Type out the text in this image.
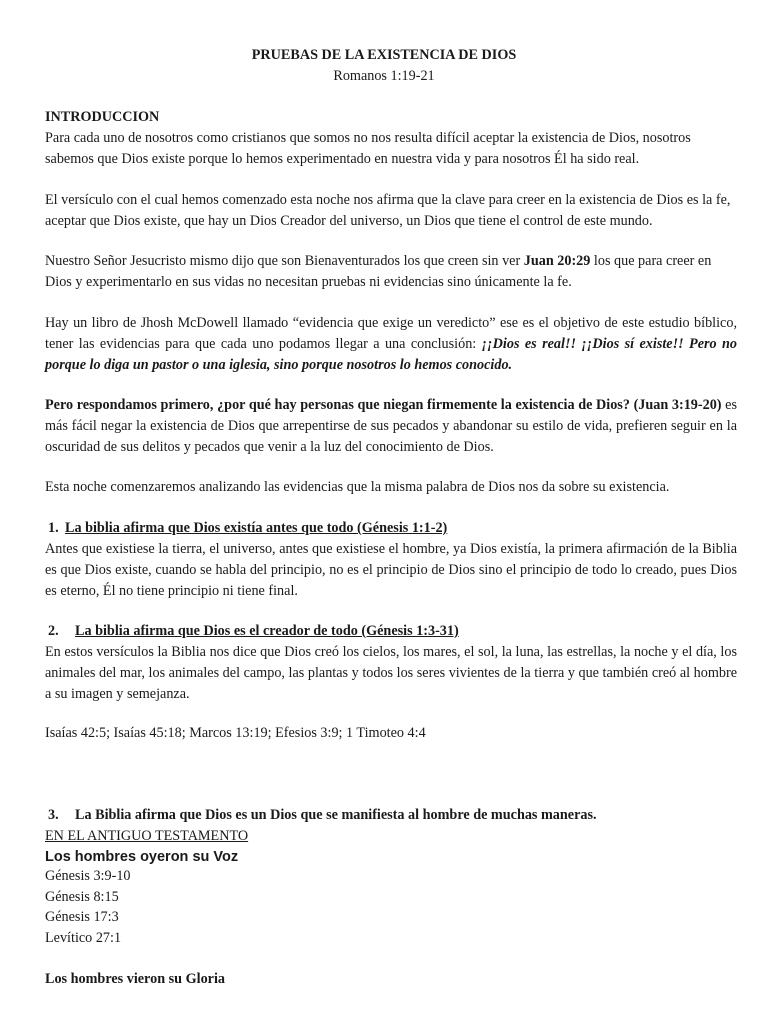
PRUEBAS DE LA EXISTENCIA DE DIOS
Romanos 1:19-21
INTRODUCCION

Para cada uno de nosotros como cristianos que somos no nos resulta difícil aceptar la existencia de Dios, nosotros sabemos que Dios existe porque lo hemos experimentado en nuestra vida y para nosotros Él ha sido real.

El versículo con el cual hemos comenzado esta noche nos afirma que la clave para creer en la existencia de Dios es la fe, aceptar que Dios existe, que hay un Dios Creador del universo, un Dios que tiene el control de este mundo.

Nuestro Señor Jesucristo mismo dijo que son Bienaventurados los que creen sin ver Juan 20:29 los que para creer en Dios y experimentarlo en sus vidas no necesitan pruebas ni evidencias sino únicamente la fe.

Hay un libro de Jhosh McDowell llamado “evidencia que exige un veredicto” ese es el objetivo de este estudio bíblico, tener las evidencias para que cada uno podamos llegar a una conclusión: ¡¡Dios es real!! ¡¡Dios sí existe!! Pero no porque lo diga un pastor o una iglesia, sino porque nosotros lo hemos conocido.

Pero respondamos primero, ¿por qué hay personas que niegan firmemente la existencia de Dios? (Juan 3:19-20) es más fácil negar la existencia de Dios que arrepentirse de sus pecados y abandonar su estilo de vida, prefieren seguir en la oscuridad de sus delitos y pecados que venir a la luz del conocimiento de Dios.

Esta noche comenzaremos analizando las evidencias que la misma palabra de Dios nos da sobre su existencia.

1. La biblia afirma que Dios existía antes que todo (Génesis 1:1-2)

Antes que existiese la tierra, el universo, antes que existiese el hombre, ya Dios existía, la primera afirmación de la Biblia es que Dios existe, cuando se habla del principio, no es el principio de Dios sino el principio de todo lo creado, pues Dios es eterno, Él no tiene principio ni tiene final.

2. La biblia afirma que Dios es el creador de todo (Génesis 1:3-31)

En estos versículos la Biblia nos dice que Dios creó los cielos, los mares, el sol, la luna, las estrellas, la noche y el día, los animales del mar, los animales del campo, las plantas y todos los seres vivientes de la tierra y que también creó al hombre a su imagen y semejanza.

Isaías 42:5; Isaías 45:18; Marcos 13:19; Efesios 3:9; 1 Timoteo 4:4

3. La Biblia afirma que Dios es un Dios que se manifiesta al hombre de muchas maneras.
EN EL ANTIGUO TESTAMENTO
Los hombres oyeron su Voz
Génesis 3:9-10
Génesis 8:15
Génesis 17:3
Levítico 27:1
Los hombres vieron su Gloria
